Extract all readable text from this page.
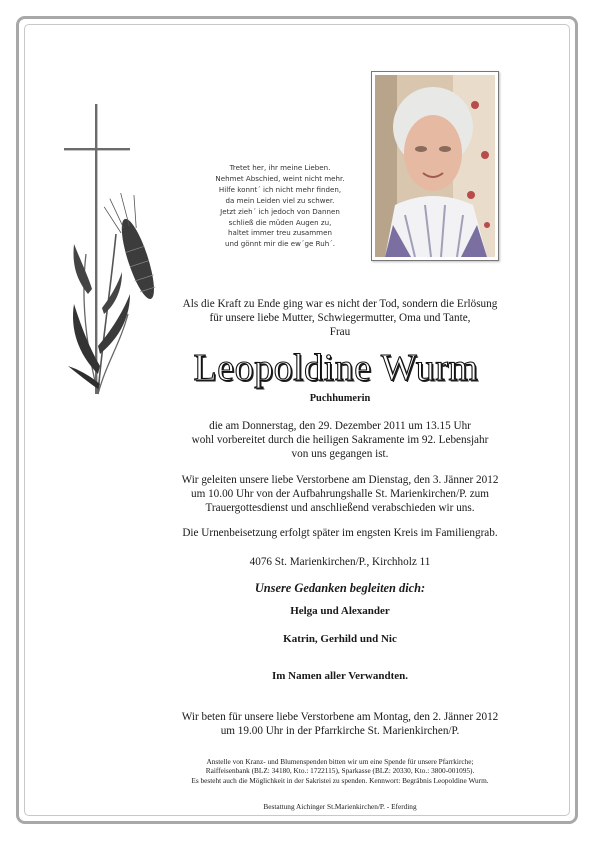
Tretet her, ihr meine Lieben.
Nehmet Abschied, weint nicht mehr.
Hilfe konnt´ ich nicht mehr finden,
da mein Leiden viel zu schwer.
Jetzt zieh´ ich jedoch von Dannen
schließ die müden Augen zu,
haltet immer treu zusammen
und gönnt mir die ew´ge Ruh´.
Als die Kraft zu Ende ging war es nicht der Tod, sondern die Erlösung
für unsere liebe Mutter, Schwiegermutter, Oma und Tante,
Frau
Leopoldine Wurm
Puchhumerin
die am Donnerstag, den 29. Dezember 2011 um 13.15 Uhr
wohl vorbereitet durch die heiligen Sakramente im 92. Lebensjahr
von uns gegangen ist.
Wir geleiten unsere liebe Verstorbene am Dienstag, den 3. Jänner 2012
um 10.00 Uhr von der Aufbahrungshalle St. Marienkirchen/P. zum
Trauergottesdienst und anschließend verabschieden wir uns.
Die Urnenbeisetzung erfolgt später im engsten Kreis im Familiengrab.
4076 St. Marienkirchen/P., Kirchholz 11
Unsere Gedanken begleiten dich:
Helga und Alexander
Katrin, Gerhild und Nic
Im Namen aller Verwandten.
Wir beten für unsere liebe Verstorbene am Montag, den 2. Jänner 2012
um 19.00 Uhr in der Pfarrkirche St. Marienkirchen/P.
Anstelle von Kranz- und Blumenspenden bitten wir um eine Spende für unsere Pfarrkirche;
Raiffeisenbank (BLZ: 34180, Kto.: 1722115), Sparkasse (BLZ: 20330, Kto.: 3800-001095).
Es besteht auch die Möglichkeit in der Sakristei zu spenden. Kennwort: Begräbnis Leopoldine Wurm.
Bestattung Aichinger St.Marienkirchen/P. - Eferding
